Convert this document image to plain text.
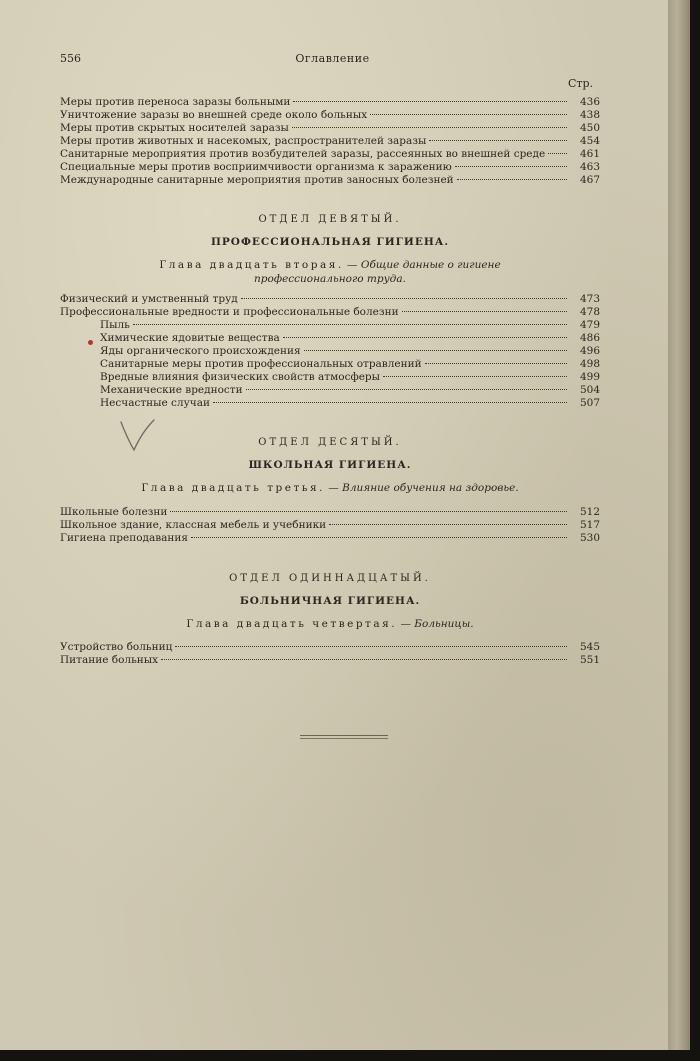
556	Оглавление
Стр.
Меры против переноса заразы больными	436
Уничтожение заразы во внешней среде около больных	438
Меры против скрытых носителей заразы	450
Меры против животных и насекомых, распространителей заразы	454
Санитарные мероприятия против возбудителей заразы, рассеянных во внешней среде	461
Специальные меры против восприимчивости организма к заражению	463
Международные санитарные мероприятия против заносных болезней	467
ОТДЕЛ ДЕВЯТЫЙ.
ПРОФЕССИОНАЛЬНАЯ ГИГИЕНА.
Глава двадцать вторая. — Общие данные о гигиене
профессионального труда.
Физический и умственный труд	473
Профессиональные вредности и профессиональные болезни	478
Пыль	479
Химические ядовитые вещества	486
Яды органического происхождения	496
Санитарные меры против профессиональных отравлений	498
Вредные влияния физических свойств атмосферы	499
Механические вредности	504
Несчастные случаи	507
ОТДЕЛ ДЕСЯТЫЙ.
ШКОЛЬНАЯ ГИГИЕНА.
Глава двадцать третья. — Влияние обучения на здоровье.
Школьные болезни	512
Школьное здание, классная мебель и учебники	517
Гигиена преподавания	530
ОТДЕЛ ОДИННАДЦАТЫЙ.
БОЛЬНИЧНАЯ ГИГИЕНА.
Глава двадцать четвертая. — Больницы.
Устройство больниц	545
Питание больных	551
